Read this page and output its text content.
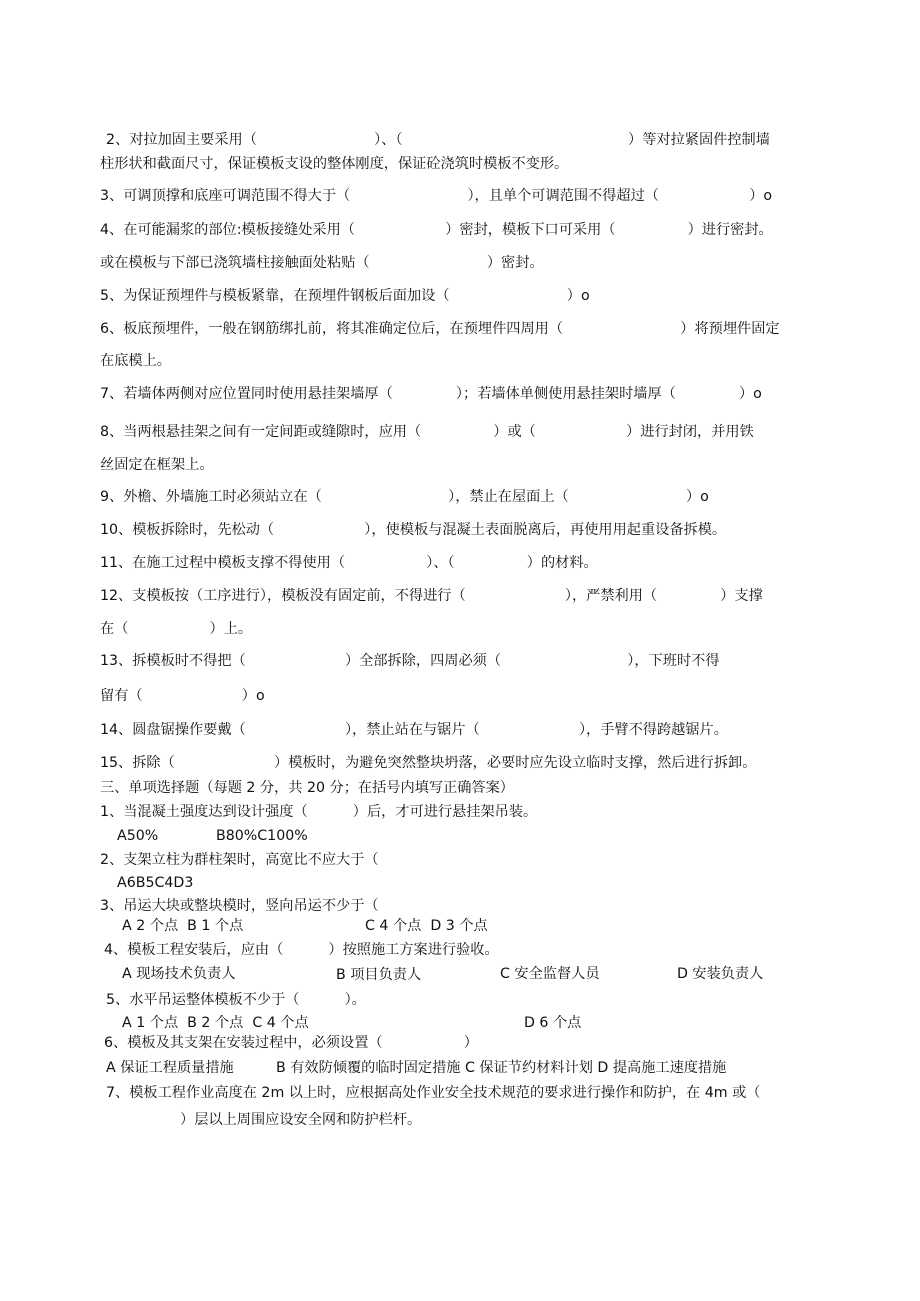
2、对拉加固主要采用（                          ）、（                                                  ）等对拉紧固件控制墙
柱形状和截面尺寸，保证模板支设的整体刚度，保证砼浇筑时模板不变形。
3、可调顶撑和底座可调范围不得大于（                          ），且单个可调范围不得超过（                    ）o
4、在可能漏浆的部位:模板接缝处采用（                    ）密封，模板下口可采用（                ）进行密封。
或在模板与下部已浇筑墙柱接触面处粘贴（                          ）密封。
5、为保证预埋件与模板紧靠，在预埋件钢板后面加设（                          ）o
6、板底预埋件，一般在钢筋绑扎前，将其准确定位后，在预埋件四周用（                          ）将预埋件固定
在底模上。
7、若墙体两侧对应位置同时使用悬挂架墙厚（              ）；若墙体单侧使用悬挂架时墙厚（              ）o
8、当两根悬挂架之间有一定间距或缝隙时，应用（                ）或（                    ）进行封闭，并用铁
丝固定在框架上。
9、外檐、外墙施工时必须站立在（                            ），禁止在屋面上（                          ）o
10、模板拆除时，先松动（                    ），使模板与混凝土表面脱离后，再使用用起重设备拆模。
11、在施工过程中模板支撑不得使用（                  ）、（                ）的材料。
12、支模板按（工序进行），模板没有固定前，不得进行（                      ），严禁利用（              ）支撑
在（                  ）上。
13、拆模板时不得把（                      ）全部拆除，四周必须（                            ），下班时不得
留有（                      ）o
14、圆盘锯操作要戴（                      ），禁止站在与锯片（                      ），手臂不得跨越锯片。
15、拆除（                      ）模板时，为避免突然整块坍落，必要时应先设立临时支撑，然后进行拆卸。
三、单项选择题（每题 2 分，共 20 分；在括号内填写正确答案）
1、当混凝土强度达到设计强度（          ）后，才可进行悬挂架吊装。
A50%	B80%C100%
2、支架立柱为群柱架时，高宽比不应大于（
A6B5C4D3
3、吊运大块或整块模时，竖向吊运不少于（
A 2 个点  B 1 个点	C 4 个点  D 3 个点
4、模板工程安装后，应由（          ）按照施工方案进行验收。
A 现场技术负责人	B 项目负责人	C 安全监督人员	D 安装负责人
5、水平吊运整体模板不少于（          ）。
A 1 个点  B 2 个点  C 4 个点	D 6 个点
6、模板及其支架在安装过程中，必须设置（                  ）
A 保证工程质量措施	B 有效防倾覆的临时固定措施 C 保证节约材料计划 D 提高施工速度措施
7、模板工程作业高度在 2m 以上时，应根据高处作业安全技术规范的要求进行操作和防护，在 4m 或（
）层以上周围应设安全网和防护栏杆。
